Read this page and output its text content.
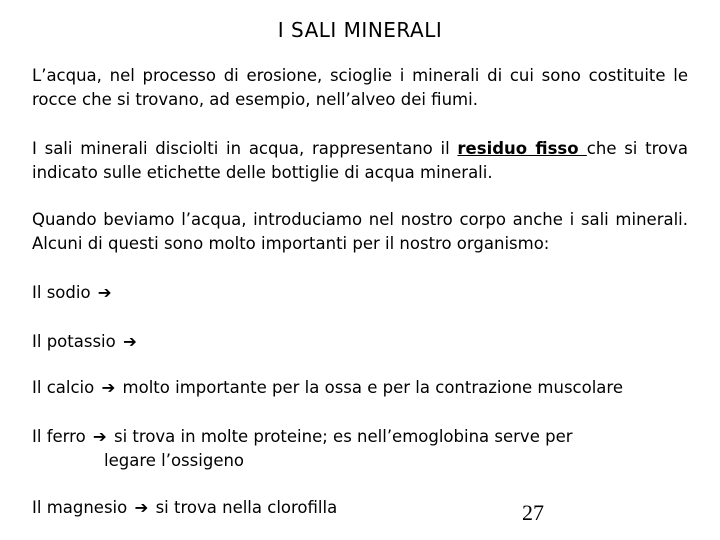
I SALI MINERALI
L’acqua, nel processo di erosione, scioglie i minerali di cui sono costituite le rocce che si trovano, ad esempio, nell’alveo dei fiumi.
I sali minerali disciolti in acqua, rappresentano il residuo fisso che si trova indicato sulle etichette delle bottiglie di acqua minerali.
Quando beviamo l’acqua, introduciamo nel nostro corpo anche i sali minerali. Alcuni di questi sono molto importanti per il nostro organismo:
Il sodio ➔
Il potassio ➔
Il calcio ➔ molto importante per la ossa e per la contrazione muscolare
Il ferro ➔ si trova in molte proteine; es nell’emoglobina serve per
legare l’ossigeno
Il magnesio ➔ si trova nella clorofilla	27
